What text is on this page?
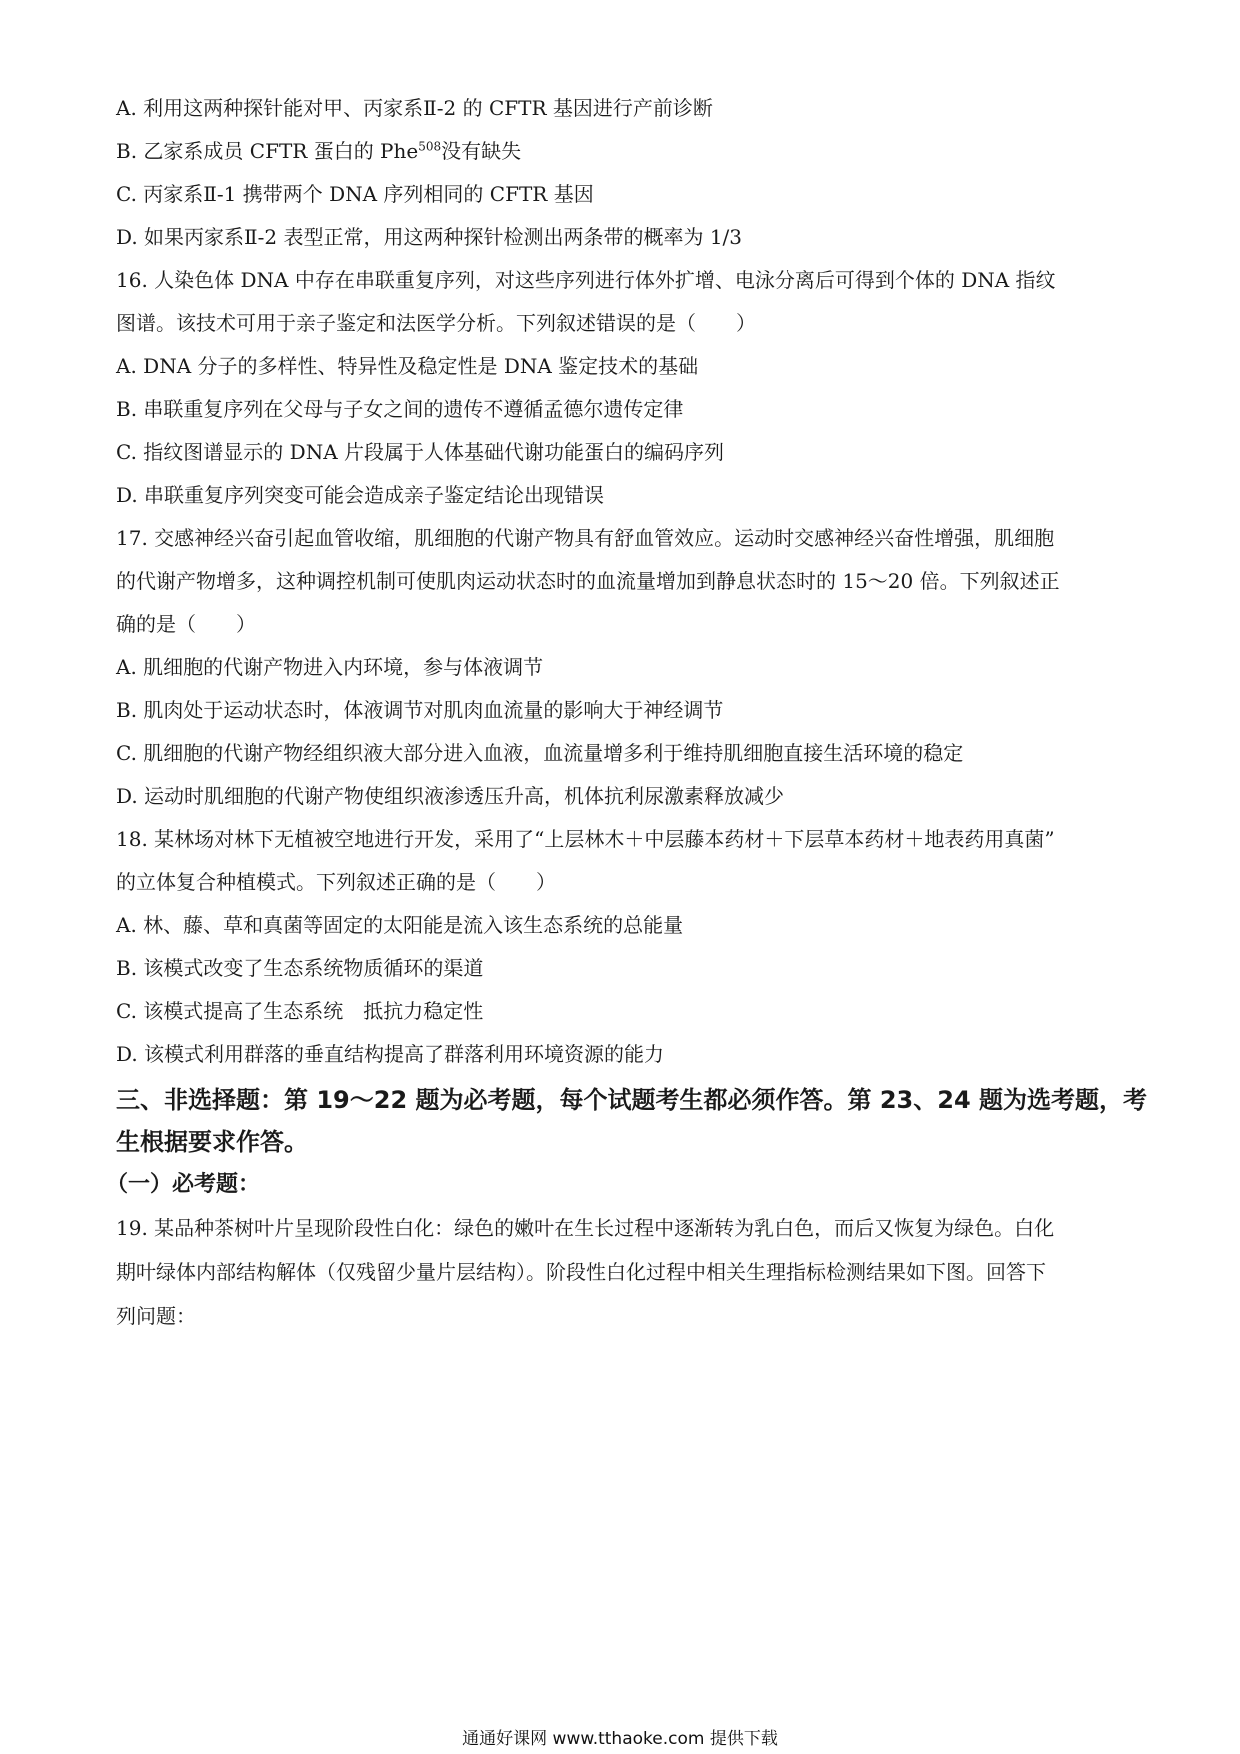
A. 利用这两种探针能对甲、丙家系Ⅱ-2 的 CFTR 基因进行产前诊断
B. 乙家系成员 CFTR 蛋白的 Phe$^{508}$没有缺失
C. 丙家系Ⅱ-1 携带两个 DNA 序列相同的 CFTR 基因
D. 如果丙家系Ⅱ-2 表型正常，用这两种探针检测出两条带的概率为 1/3
16. 人染色体 DNA 中存在串联重复序列，对这些序列进行体外扩增、电泳分离后可得到个体的 DNA 指纹
图谱。该技术可用于亲子鉴定和法医学分析。下列叙述错误的是（　　）
A. DNA 分子的多样性、特异性及稳定性是 DNA 鉴定技术的基础
B. 串联重复序列在父母与子女之间的遗传不遵循孟德尔遗传定律
C. 指纹图谱显示的 DNA 片段属于人体基础代谢功能蛋白的编码序列
D. 串联重复序列突变可能会造成亲子鉴定结论出现错误
17. 交感神经兴奋引起血管收缩，肌细胞的代谢产物具有舒血管效应。运动时交感神经兴奋性增强，肌细胞
的代谢产物增多，这种调控机制可使肌肉运动状态时的血流量增加到静息状态时的 15～20 倍。下列叙述正
确的是（　　）
A. 肌细胞的代谢产物进入内环境，参与体液调节
B. 肌肉处于运动状态时，体液调节对肌肉血流量的影响大于神经调节
C. 肌细胞的代谢产物经组织液大部分进入血液，血流量增多利于维持肌细胞直接生活环境的稳定
D. 运动时肌细胞的代谢产物使组织液渗透压升高，机体抗利尿激素释放减少
18. 某林场对林下无植被空地进行开发，采用了“上层林木＋中层藤本药材＋下层草本药材＋地表药用真菌”
的立体复合种植模式。下列叙述正确的是（　　）
A. 林、藤、草和真菌等固定的太阳能是流入该生态系统的总能量
B. 该模式改变了生态系统物质循环的渠道
C. 该模式提高了生态系统　抵抗力稳定性
D. 该模式利用群落的垂直结构提高了群落利用环境资源的能力
三、非选择题：第 19～22 题为必考题，每个试题考生都必须作答。第 23、24 题为选考题，考
生根据要求作答。
（一）必考题：
19. 某品种茶树叶片呈现阶段性白化：绿色的嫩叶在生长过程中逐渐转为乳白色，而后又恢复为绿色。白化
期叶绿体内部结构解体（仅残留少量片层结构）。阶段性白化过程中相关生理指标检测结果如下图。回答下
列问题：
通通好课网 www.tthaoke.com 提供下载
